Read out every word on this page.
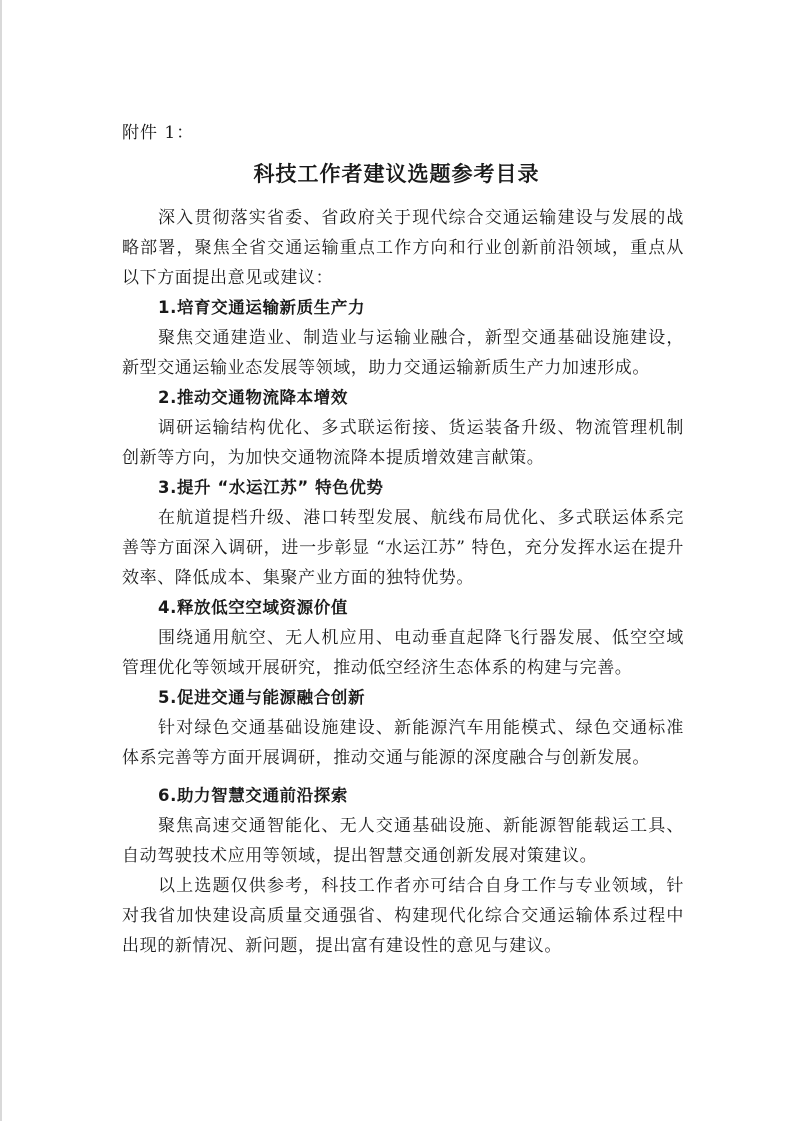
附件 1：
科技工作者建议选题参考目录

深入贯彻落实省委、省政府关于现代综合交通运输建设与发展的战略部署，聚焦全省交通运输重点工作方向和行业创新前沿领域，重点从以下方面提出意见或建议：

1.培育交通运输新质生产力

聚焦交通建造业、制造业与运输业融合，新型交通基础设施建设，新型交通运输业态发展等领域，助力交通运输新质生产力加速形成。

2.推动交通物流降本增效

调研运输结构优化、多式联运衔接、货运装备升级、物流管理机制创新等方向，为加快交通物流降本提质增效建言献策。

3.提升 “水运江苏” 特色优势

在航道提档升级、港口转型发展、航线布局优化、多式联运体系完善等方面深入调研，进一步彰显 “水运江苏” 特色，充分发挥水运在提升效率、降低成本、集聚产业方面的独特优势。

4.释放低空空域资源价值

围绕通用航空、无人机应用、电动垂直起降飞行器发展、低空空域管理优化等领域开展研究，推动低空经济生态体系的构建与完善。

5.促进交通与能源融合创新

针对绿色交通基础设施建设、新能源汽车用能模式、绿色交通标准体系完善等方面开展调研，推动交通与能源的深度融合与创新发展。

6.助力智慧交通前沿探索

聚焦高速交通智能化、无人交通基础设施、新能源智能载运工具、自动驾驶技术应用等领域，提出智慧交通创新发展对策建议。

以上选题仅供参考，科技工作者亦可结合自身工作与专业领域，针对我省加快建设高质量交通强省、构建现代化综合交通运输体系过程中出现的新情况、新问题，提出富有建设性的意见与建议。
